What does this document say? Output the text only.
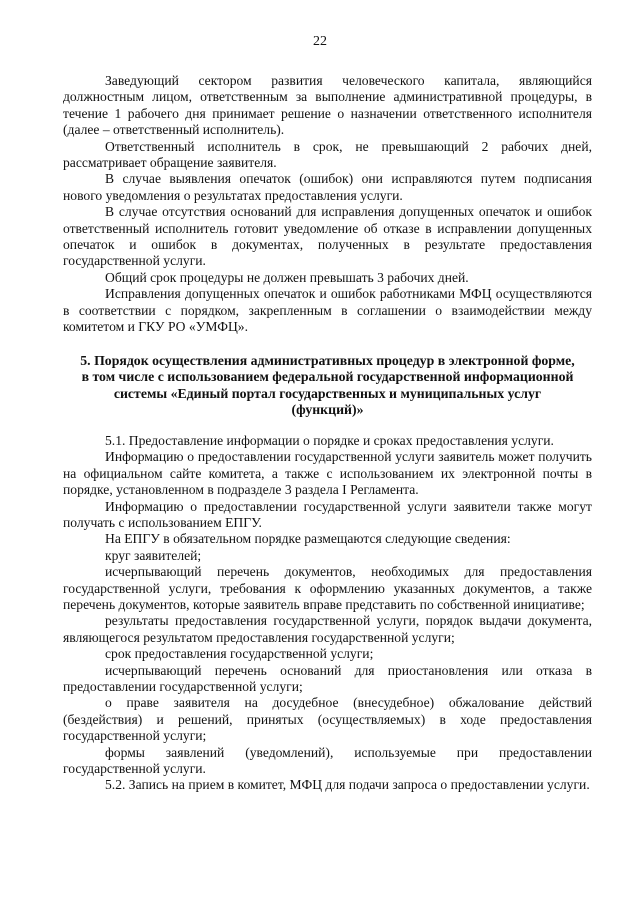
22

Заведующий сектором развития человеческого капитала, являющийся должностным лицом, ответственным за выполнение административной процедуры, в течение 1 рабочего дня принимает решение о назначении ответственного исполнителя (далее – ответственный исполнитель).

Ответственный исполнитель в срок, не превышающий 2 рабочих дней, рассматривает обращение заявителя.

В случае выявления опечаток (ошибок) они исправляются путем подписания нового уведомления о результатах предоставления услуги.

В случае отсутствия оснований для исправления допущенных опечаток и ошибок ответственный исполнитель готовит уведомление об отказе в исправлении допущенных опечаток и ошибок в документах, полученных в результате предоставления государственной услуги.

Общий срок процедуры не должен превышать 3 рабочих дней.

Исправления допущенных опечаток и ошибок работниками МФЦ осуществляются в соответствии с порядком, закрепленным в соглашении о взаимодействии между комитетом и ГКУ РО «УМФЦ».

5. Порядок осуществления административных процедур в электронной форме, в том числе с использованием федеральной государственной информационной системы «Единый портал государственных и муниципальных услуг (функций)»

5.1. Предоставление информации о порядке и сроках предоставления услуги.

Информацию о предоставлении государственной услуги заявитель может получить на официальном сайте комитета, а также с использованием их электронной почты в порядке, установленном в подразделе 3 раздела I Регламента.

Информацию о предоставлении государственной услуги заявители также могут получать с использованием ЕПГУ.

На ЕПГУ в обязательном порядке размещаются следующие сведения:

круг заявителей;

исчерпывающий перечень документов, необходимых для предоставления государственной услуги, требования к оформлению указанных документов, а также перечень документов, которые заявитель вправе представить по собственной инициативе;

результаты предоставления государственной услуги, порядок выдачи документа, являющегося результатом предоставления государственной услуги;

срок предоставления государственной услуги;

исчерпывающий перечень оснований для приостановления или отказа в предоставлении государственной услуги;

о праве заявителя на досудебное (внесудебное) обжалование действий (бездействия) и решений, принятых (осуществляемых) в ходе предоставления государственной услуги;

формы заявлений (уведомлений), используемые при предоставлении государственной услуги.

5.2. Запись на прием в комитет, МФЦ для подачи запроса о предоставлении услуги.
